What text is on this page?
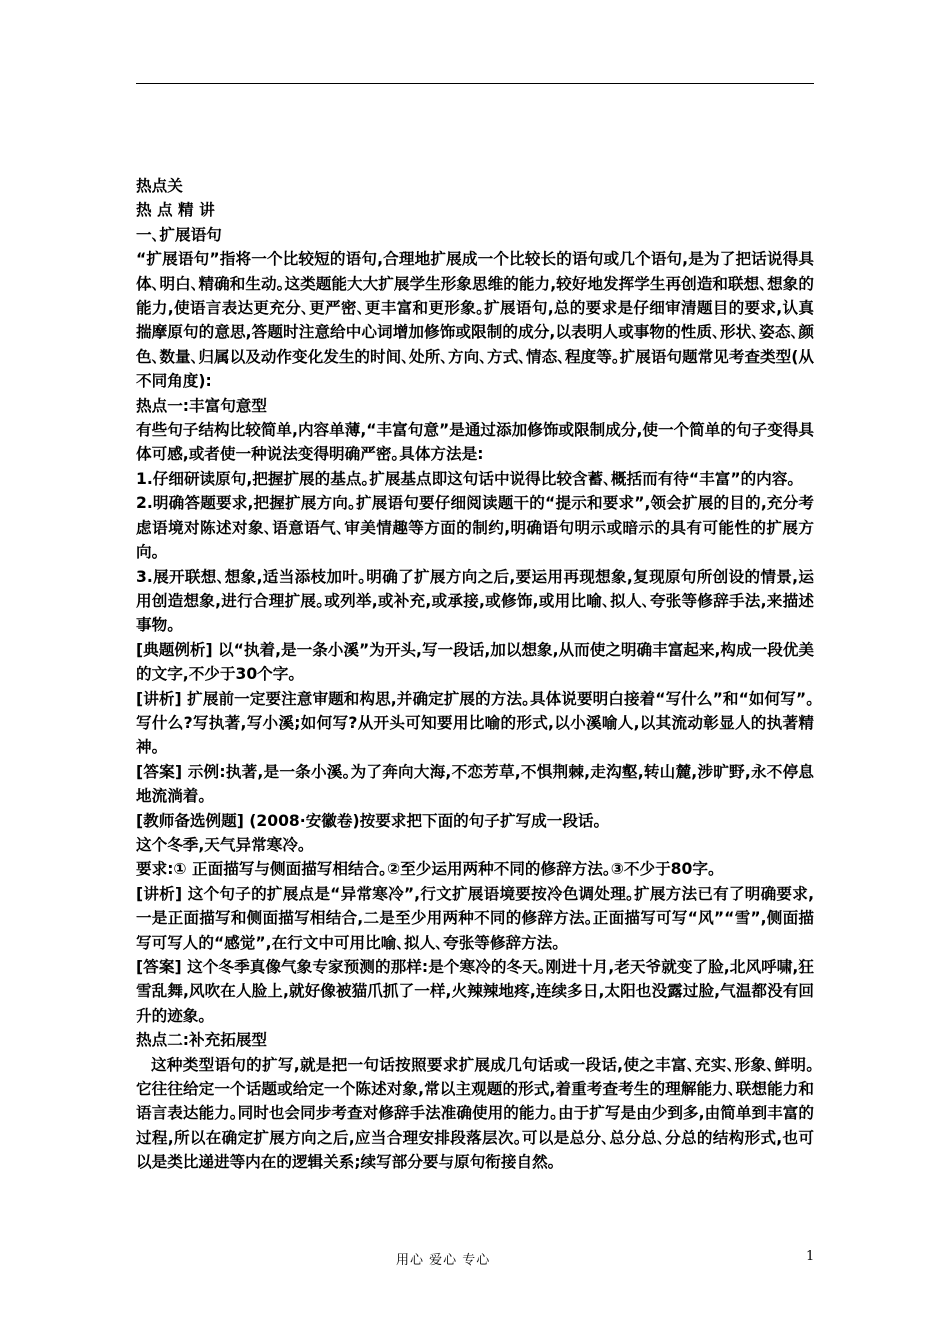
热点关

热 点 精 讲

一､扩展语句

“扩展语句”指将一个比较短的语句,合理地扩展成一个比较长的语句或几个语句,是为了把话说得具体､明白､精确和生动｡这类题能大大扩展学生形象思维的能力,较好地发挥学生再创造和联想､想象的能力,使语言表达更充分､更严密､更丰富和更形象｡扩展语句,总的要求是仔细审清题目的要求,认真揣摩原句的意思,答题时注意给中心词增加修饰或限制的成分,以表明人或事物的性质､形状､姿态､颜色､数量､归属以及动作变化发生的时间､处所､方向､方式､情态､程度等｡扩展语句题常见考查类型(从不同角度):

热点一:丰富句意型

有些句子结构比较简单,内容单薄,“丰富句意”是通过添加修饰或限制成分,使一个简单的句子变得具体可感,或者使一种说法变得明确严密｡具体方法是:

1.仔细研读原句,把握扩展的基点｡扩展基点即这句话中说得比较含蓄､概括而有待“丰富”的内容｡

2.明确答题要求,把握扩展方向｡扩展语句要仔细阅读题干的“提示和要求”,领会扩展的目的,充分考虑语境对陈述对象､语意语气､审美情趣等方面的制约,明确语句明示或暗示的具有可能性的扩展方向｡

3.展开联想､想象,适当添枝加叶｡明确了扩展方向之后,要运用再现想象,复现原句所创设的情景,运用创造想象,进行合理扩展｡或列举,或补充,或承接,或修饰,或用比喻､拟人､夸张等修辞手法,来描述事物｡

[典题例析] 以“执着,是一条小溪”为开头,写一段话,加以想象,从而使之明确丰富起来,构成一段优美的文字,不少于30个字｡

[讲析] 扩展前一定要注意审题和构思,并确定扩展的方法｡具体说要明白接着“写什么”和“如何写”｡写什么?写执著,写小溪;如何写?从开头可知要用比喻的形式,以小溪喻人,以其流动彰显人的执著精神｡

[答案] 示例:执著,是一条小溪｡为了奔向大海,不恋芳草,不惧荆棘,走沟壑,转山麓,涉旷野,永不停息地流淌着｡

[教师备选例题] (2008·安徽卷)按要求把下面的句子扩写成一段话｡

这个冬季,天气异常寒冷｡

要求:① 正面描写与侧面描写相结合｡②至少运用两种不同的修辞方法｡③不少于80字｡

[讲析] 这个句子的扩展点是“异常寒冷”,行文扩展语境要按冷色调处理｡扩展方法已有了明确要求,一是正面描写和侧面描写相结合,二是至少用两种不同的修辞方法｡正面描写可写“风”“雪”,侧面描写可写人的“感觉”,在行文中可用比喻､拟人､夸张等修辞方法｡

[答案] 这个冬季真像气象专家预测的那样:是个寒冷的冬天｡刚进十月,老天爷就变了脸,北风呼啸,狂雪乱舞,风吹在人脸上,就好像被猫爪抓了一样,火辣辣地疼,连续多日,太阳也没露过脸,气温都没有回升的迹象｡

热点二:补充拓展型

这种类型语句的扩写,就是把一句话按照要求扩展成几句话或一段话,使之丰富､充实､形象､鲜明｡它往往给定一个话题或给定一个陈述对象,常以主观题的形式,着重考查考生的理解能力､联想能力和语言表达能力｡同时也会同步考查对修辞手法准确使用的能力｡由于扩写是由少到多,由简单到丰富的过程,所以在确定扩展方向之后,应当合理安排段落层次｡可以是总分､总分总､分总的结构形式,也可以是类比递进等内在的逻辑关系;续写部分要与原句衔接自然｡

用心 爱心 专心	1
